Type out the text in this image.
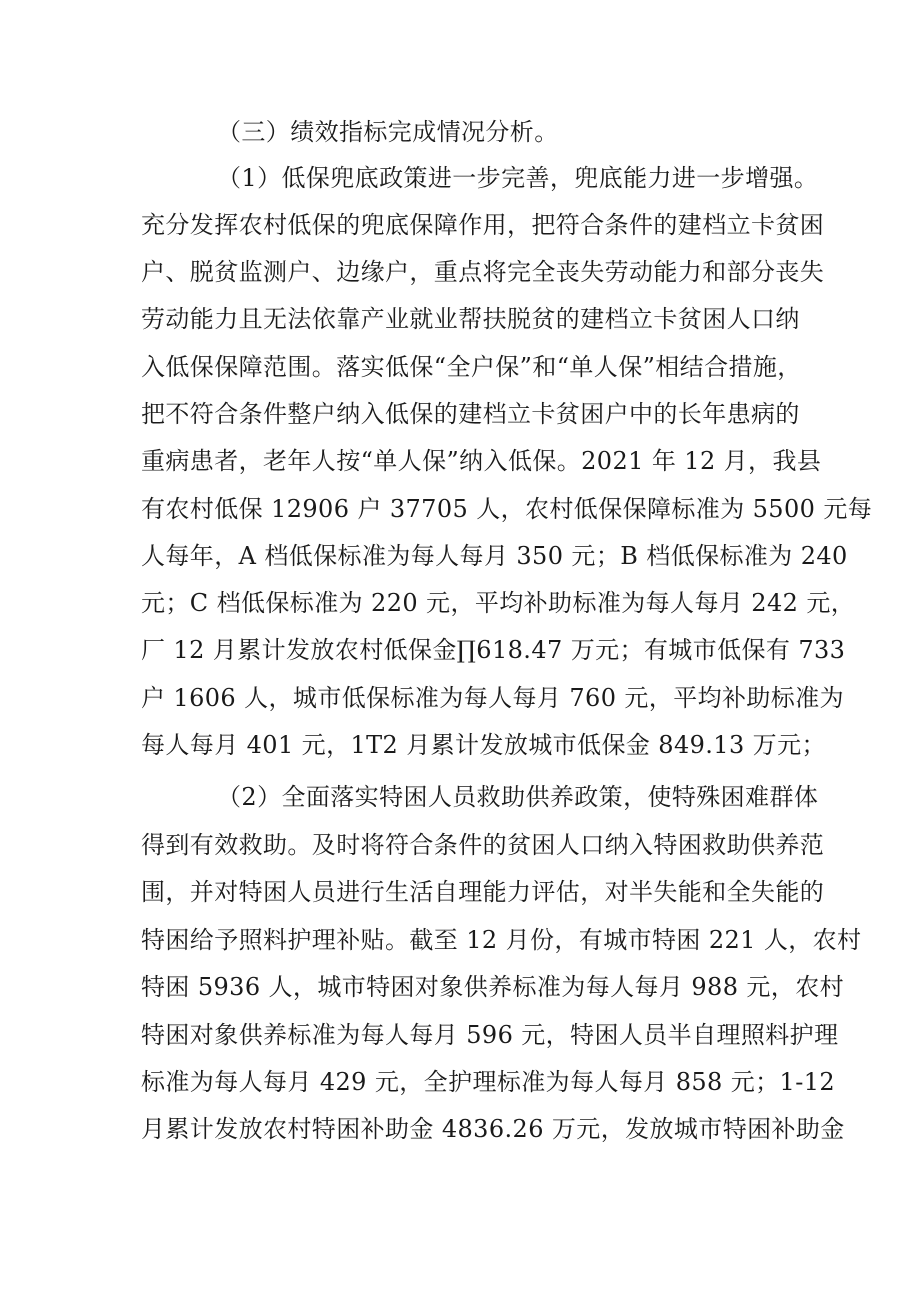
（三）绩效指标完成情况分析。
（1）低保兜底政策进一步完善，兜底能力进一步增强。
充分发挥农村低保的兜底保障作用，把符合条件的建档立卡贫困
户、脱贫监测户、边缘户，重点将完全丧失劳动能力和部分丧失
劳动能力且无法依靠产业就业帮扶脱贫的建档立卡贫困人口纳
入低保保障范围。落实低保“全户保”和“单人保”相结合措施，
把不符合条件整户纳入低保的建档立卡贫困户中的长年患病的
重病患者，老年人按“单人保”纳入低保。2021 年 12 月，我县
有农村低保 12906 户 37705 人，农村低保保障标准为 5500 元每
人每年，A 档低保标准为每人每月 350 元；B 档低保标准为 240
元；C 档低保标准为 220 元，平均补助标准为每人每月 242 元，
厂 12 月累计发放农村低保金∏618.47 万元；有城市低保有 733
户 1606 人，城市低保标准为每人每月 760 元，平均补助标准为
每人每月 401 元，1T2 月累计发放城市低保金 849.13 万元；
（2）全面落实特困人员救助供养政策，使特殊困难群体
得到有效救助。及时将符合条件的贫困人口纳入特困救助供养范
围，并对特困人员进行生活自理能力评估，对半失能和全失能的
特困给予照料护理补贴。截至 12 月份，有城市特困 221 人，农村
特困 5936 人，城市特困对象供养标准为每人每月 988 元，农村
特困对象供养标准为每人每月 596 元，特困人员半自理照料护理
标准为每人每月 429 元，全护理标准为每人每月 858 元；1-12
月累计发放农村特困补助金 4836.26 万元，发放城市特困补助金
